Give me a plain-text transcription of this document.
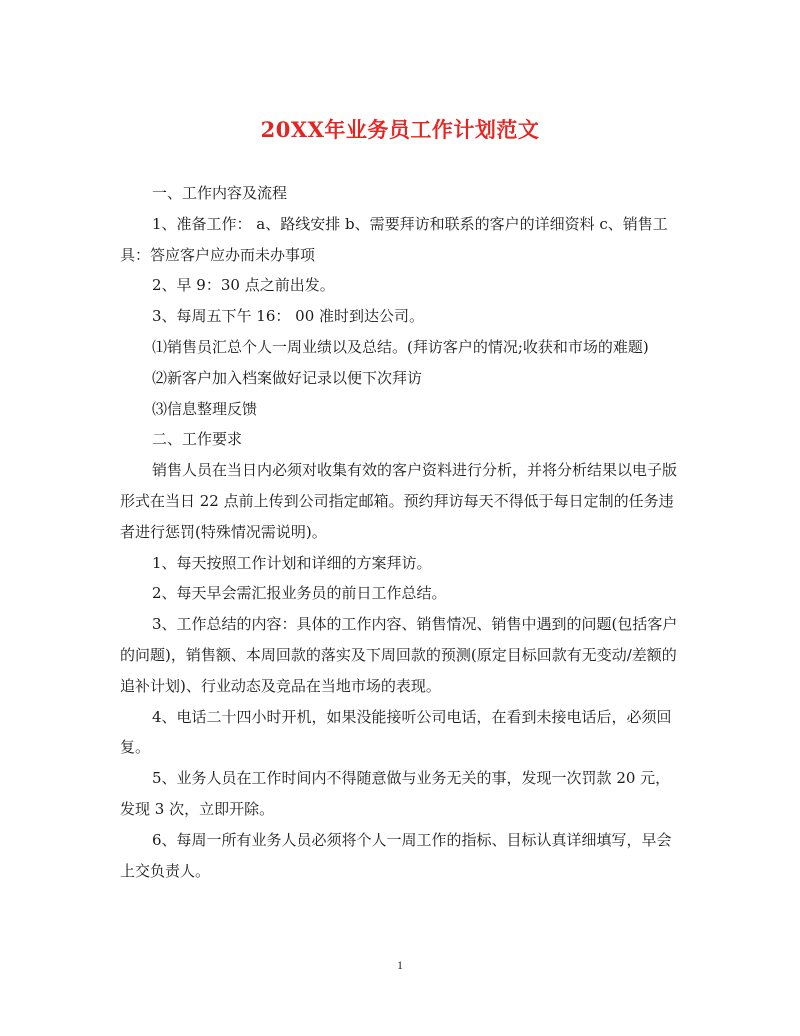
20XX年业务员工作计划范文

一、工作内容及流程

1、准备工作： a、路线安排 b、需要拜访和联系的客户的详细资料 c、销售工具：答应客户应办而未办事项

2、早 9：30 点之前出发。

3、每周五下午 16： 00 准时到达公司。

⑴销售员汇总个人一周业绩以及总结。(拜访客户的情况;收获和市场的难题)

⑵新客户加入档案做好记录以便下次拜访

⑶信息整理反馈

二、工作要求

销售人员在当日内必须对收集有效的客户资料进行分析，并将分析结果以电子版形式在当日 22 点前上传到公司指定邮箱。预约拜访每天不得低于每日定制的任务违者进行惩罚(特殊情况需说明)。

1、每天按照工作计划和详细的方案拜访。

2、每天早会需汇报业务员的前日工作总结。

3、工作总结的内容：具体的工作内容、销售情况、销售中遇到的问题(包括客户的问题)，销售额、本周回款的落实及下周回款的预测(原定目标回款有无变动/差额的追补计划)、行业动态及竞品在当地市场的表现。

4、电话二十四小时开机，如果没能接听公司电话，在看到未接电话后，必须回复。

5、业务人员在工作时间内不得随意做与业务无关的事，发现一次罚款 20 元，发现 3 次，立即开除。

6、每周一所有业务人员必须将个人一周工作的指标、目标认真详细填写，早会上交负责人。

1
